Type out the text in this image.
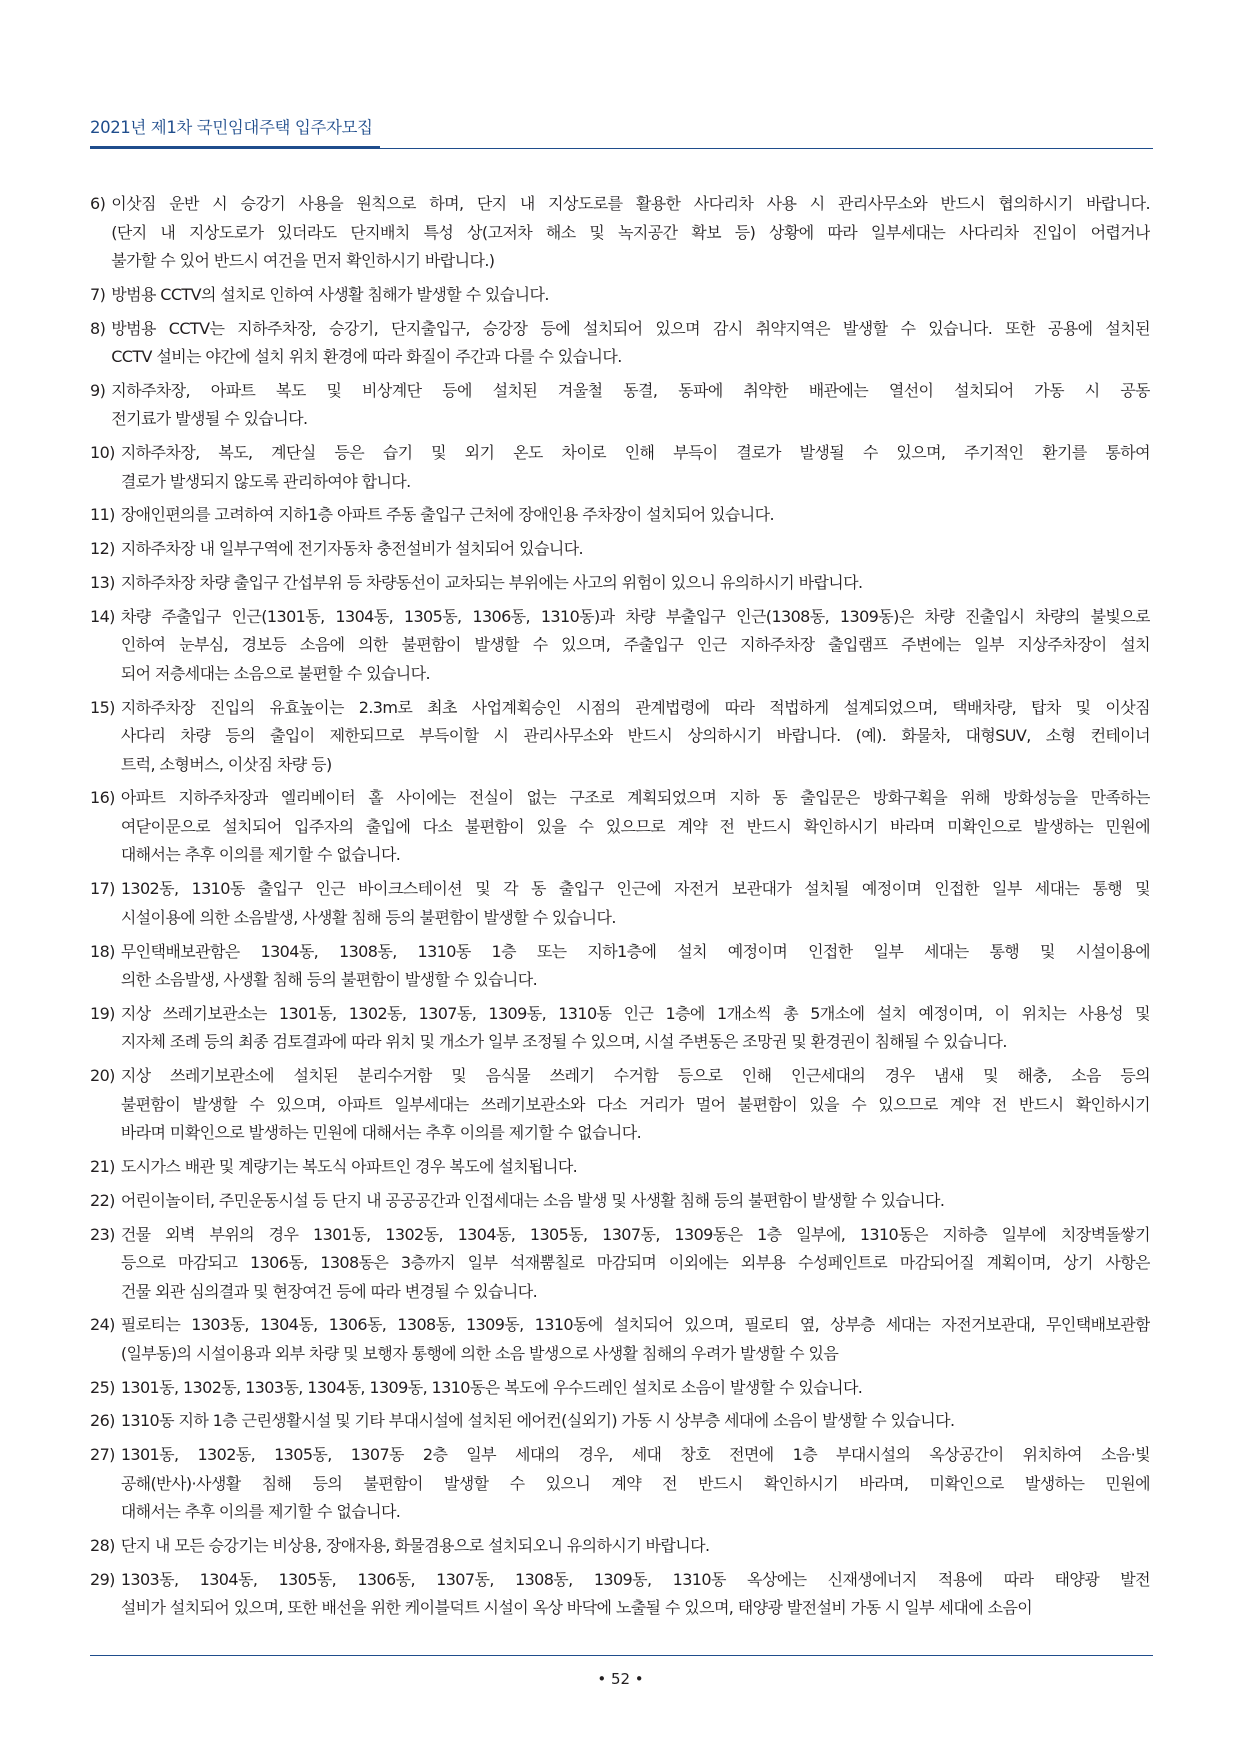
2021년 제1차 국민임대주택 입주자모집
6) 이삿짐 운반 시 승강기 사용을 원칙으로 하며, 단지 내 지상도로를 활용한 사다리차 사용 시 관리사무소와 반드시 협의하시기 바랍니다.
(단지 내 지상도로가 있더라도 단지배치 특성 상(고저차 해소 및 녹지공간 확보 등) 상황에 따라 일부세대는 사다리차 진입이 어렵거나
불가할 수 있어 반드시 여건을 먼저 확인하시기 바랍니다.)
7) 방범용 CCTV의 설치로 인하여 사생활 침해가 발생할 수 있습니다.
8) 방범용 CCTV는 지하주차장, 승강기, 단지출입구, 승강장 등에 설치되어 있으며 감시 취약지역은 발생할 수 있습니다. 또한 공용에 설치된
CCTV 설비는 야간에 설치 위치 환경에 따라 화질이 주간과 다를 수 있습니다.
9) 지하주차장, 아파트 복도 및 비상계단 등에 설치된 겨울철 동결, 동파에 취약한 배관에는 열선이 설치되어 가동 시 공동
전기료가 발생될 수 있습니다.
10) 지하주차장, 복도, 계단실 등은 습기 및 외기 온도 차이로 인해 부득이 결로가 발생될 수 있으며, 주기적인 환기를 통하여
결로가 발생되지 않도록 관리하여야 합니다.
11) 장애인편의를 고려하여 지하1층 아파트 주동 출입구 근처에 장애인용 주차장이 설치되어 있습니다.
12) 지하주차장 내 일부구역에 전기자동차 충전설비가 설치되어 있습니다.
13) 지하주차장 차량 출입구 간섭부위 등 차량동선이 교차되는 부위에는 사고의 위험이 있으니 유의하시기 바랍니다.
14) 차량 주출입구 인근(1301동, 1304동, 1305동, 1306동, 1310동)과 차량 부출입구 인근(1308동, 1309동)은 차량 진출입시 차량의 불빛으로
인하여 눈부심, 경보등 소음에 의한 불편함이 발생할 수 있으며, 주출입구 인근 지하주차장 출입램프 주변에는 일부 지상주차장이 설치
되어 저층세대는 소음으로 불편할 수 있습니다.
15) 지하주차장 진입의 유효높이는 2.3m로 최초 사업계획승인 시점의 관계법령에 따라 적법하게 설계되었으며, 택배차량, 탑차 및 이삿짐
사다리 차량 등의 출입이 제한되므로 부득이할 시 관리사무소와 반드시 상의하시기 바랍니다. (예). 화물차, 대형SUV, 소형 컨테이너
트럭, 소형버스, 이삿짐 차량 등)
16) 아파트 지하주차장과 엘리베이터 홀 사이에는 전실이 없는 구조로 계획되었으며 지하 동 출입문은 방화구획을 위해 방화성능을 만족하는
여닫이문으로 설치되어 입주자의 출입에 다소 불편함이 있을 수 있으므로 계약 전 반드시 확인하시기 바라며 미확인으로 발생하는 민원에
대해서는 추후 이의를 제기할 수 없습니다.
17) 1302동, 1310동 출입구 인근 바이크스테이션 및 각 동 출입구 인근에 자전거 보관대가 설치될 예정이며 인접한 일부 세대는 통행 및
시설이용에 의한 소음발생, 사생활 침해 등의 불편함이 발생할 수 있습니다.
18) 무인택배보관함은 1304동, 1308동, 1310동 1층 또는 지하1층에 설치 예정이며 인접한 일부 세대는 통행 및 시설이용에
의한 소음발생, 사생활 침해 등의 불편함이 발생할 수 있습니다.
19) 지상 쓰레기보관소는 1301동, 1302동, 1307동, 1309동, 1310동 인근 1층에 1개소씩 총 5개소에 설치 예정이며, 이 위치는 사용성 및
지자체 조례 등의 최종 검토결과에 따라 위치 및 개소가 일부 조정될 수 있으며, 시설 주변동은 조망권 및 환경권이 침해될 수 있습니다.
20) 지상 쓰레기보관소에 설치된 분리수거함 및 음식물 쓰레기 수거함 등으로 인해 인근세대의 경우 냄새 및 해충, 소음 등의
불편함이 발생할 수 있으며, 아파트 일부세대는 쓰레기보관소와 다소 거리가 멀어 불편함이 있을 수 있으므로 계약 전 반드시 확인하시기
바라며 미확인으로 발생하는 민원에 대해서는 추후 이의를 제기할 수 없습니다.
21) 도시가스 배관 및 계량기는 복도식 아파트인 경우 복도에 설치됩니다.
22) 어린이놀이터, 주민운동시설 등 단지 내 공공공간과 인접세대는 소음 발생 및 사생활 침해 등의 불편함이 발생할 수 있습니다.
23) 건물 외벽 부위의 경우 1301동, 1302동, 1304동, 1305동, 1307동, 1309동은 1층 일부에, 1310동은 지하층 일부에 치장벽돌쌓기
등으로 마감되고 1306동, 1308동은 3층까지 일부 석재뿜칠로 마감되며 이외에는 외부용 수성페인트로 마감되어질 계획이며, 상기 사항은
건물 외관 심의결과 및 현장여건 등에 따라 변경될 수 있습니다.
24) 필로티는 1303동, 1304동, 1306동, 1308동, 1309동, 1310동에 설치되어 있으며, 필로티 옆, 상부층 세대는 자전거보관대, 무인택배보관함
(일부동)의 시설이용과 외부 차량 및 보행자 통행에 의한 소음 발생으로 사생활 침해의 우려가 발생할 수 있음
25) 1301동, 1302동, 1303동, 1304동, 1309동, 1310동은 복도에 우수드레인 설치로 소음이 발생할 수 있습니다.
26) 1310동 지하 1층 근린생활시설 및 기타 부대시설에 설치된 에어컨(실외기) 가동 시 상부층 세대에 소음이 발생할 수 있습니다.
27) 1301동, 1302동, 1305동, 1307동 2층 일부 세대의 경우, 세대 창호 전면에 1층 부대시설의 옥상공간이 위치하여 소음·빛
공해(반사)·사생활 침해 등의 불편함이 발생할 수 있으니 계약 전 반드시 확인하시기 바라며, 미확인으로 발생하는 민원에
대해서는 추후 이의를 제기할 수 없습니다.
28) 단지 내 모든 승강기는 비상용, 장애자용, 화물겸용으로 설치되오니 유의하시기 바랍니다.
29) 1303동, 1304동, 1305동, 1306동, 1307동, 1308동, 1309동, 1310동 옥상에는 신재생에너지 적용에 따라 태양광 발전
설비가 설치되어 있으며, 또한 배선을 위한 케이블덕트 시설이 옥상 바닥에 노출될 수 있으며, 태양광 발전설비 가동 시 일부 세대에 소음이
• 52 •
